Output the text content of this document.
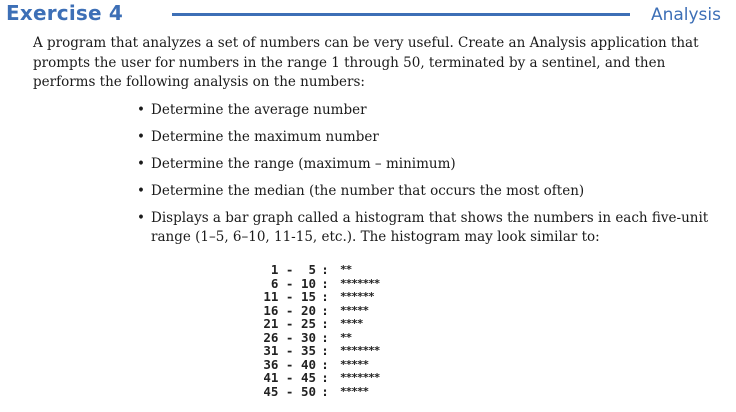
Exercise 4	Analysis

A program that analyzes a set of numbers can be very useful. Create an Analysis application that prompts the user for numbers in the range 1 through 50, terminated by a sentinel, and then performs the following analysis on the numbers:

• Determine the average number
• Determine the maximum number
• Determine the range (maximum – minimum)
• Determine the median (the number that occurs the most often)
• Displays a bar graph called a histogram that shows the numbers in each five-unit range (1–5, 6–10, 11-15, etc.). The histogram may look similar to:
1 -  5 :	**
6 - 10 :	*******
11 - 15 :	******
16 - 20 :	*****
21 - 25 :	****
26 - 30 :	**
31 - 35 :	*******
36 - 40 :	*****
41 - 45 :	*******
45 - 50 :	*****
